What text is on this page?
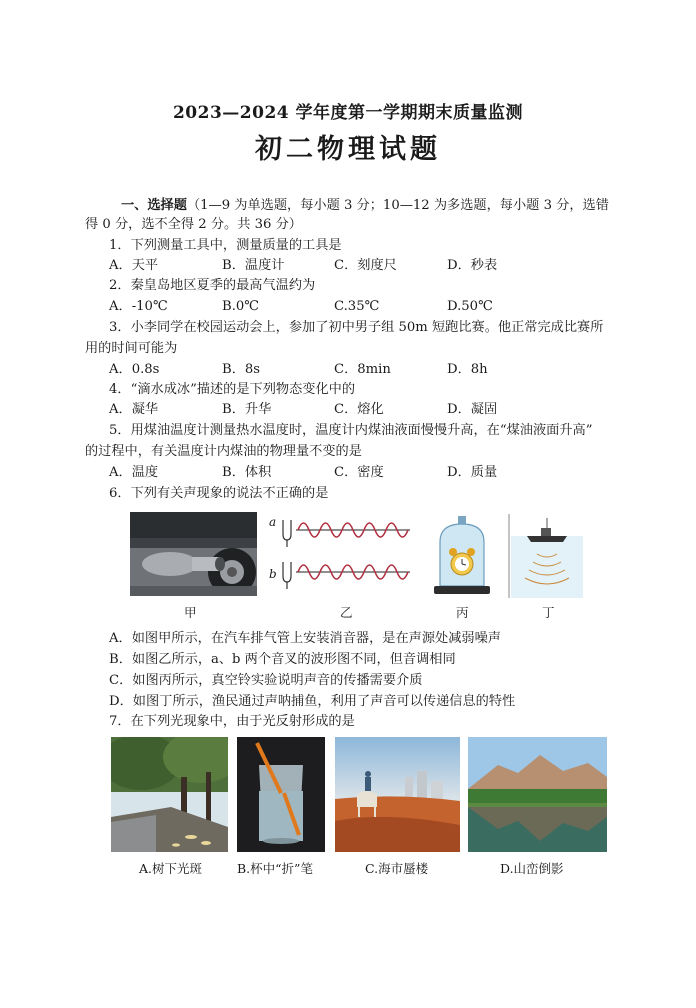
2023—2024 学年度第一学期期末质量监测
初二物理试题
一、选择题（1—9 为单选题，每小题 3 分；10—12 为多选题，每小题 3 分，选错
得 0 分，选不全得 2 分。共 36 分）
1．下列测量工具中，测量质量的工具是
A．天平	B．温度计	C．刻度尺	D．秒表
2．秦皇岛地区夏季的最高气温约为
A．-10℃	B.0℃	C.35℃	D.50℃
3．小李同学在校园运动会上，参加了初中男子组 50m 短跑比赛。他正常完成比赛所
用的时间可能为
A．0.8s	B．8s	C．8min	D．8h
4．“滴水成冰”描述的是下列物态变化中的
A．凝华	B．升华	C．熔化	D．凝固
5．用煤油温度计测量热水温度时，温度计内煤油液面慢慢升高，在“煤油液面升高”
的过程中，有关温度计内煤油的物理量不变的是
A．温度	B．体积	C．密度	D．质量
6．下列有关声现象的说法不正确的是
a
b
甲	乙	丙	丁
A．如图甲所示，在汽车排气管上安装消音器，是在声源处减弱噪声
B．如图乙所示，a、b 两个音叉的波形图不同，但音调相同
C．如图丙所示，真空铃实验说明声音的传播需要介质
D．如图丁所示，渔民通过声呐捕鱼，利用了声音可以传递信息的特性
7．在下列光现象中，由于光反射形成的是
A.树下光斑	B.杯中“折”笔	C.海市蜃楼	D.山峦倒影
